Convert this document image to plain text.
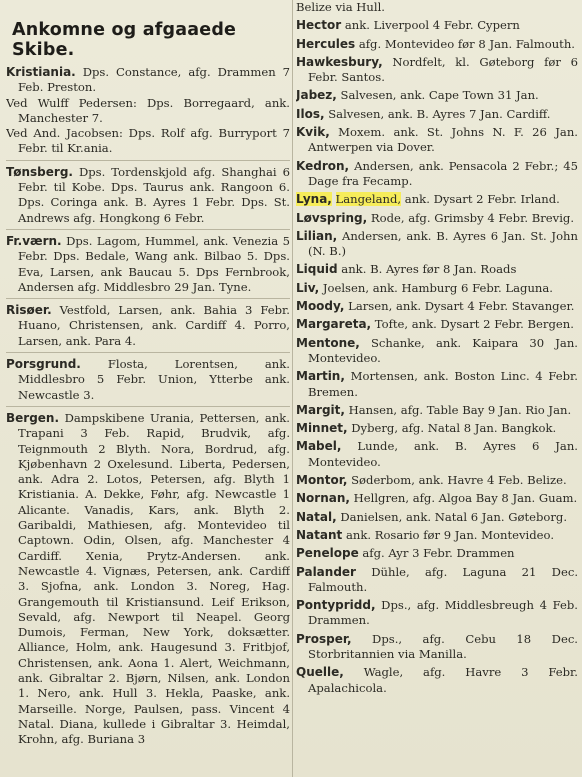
Ankomne og afgaaede Skibe.
Kristiania. Dps. Constance, afg. Drammen 7 Feb. Preston.
Ved Wulff Pedersen: Dps. Borregaard, ank. Manchester 7.
Ved And. Jacobsen: Dps. Rolf afg. Burryport 7 Febr. til Kr.ania.
Tønsberg. Dps. Tordenskjold afg. Shanghai 6 Febr. til Kobe. Dps. Taurus ank. Rangoon 6. Dps. Coringa ank. B. Ayres 1 Febr. Dps. St. Andrews afg. Hongkong 6 Febr.
Fr.værn. Dps. Lagom, Hummel, ank. Venezia 5 Febr. Dps. Bedale, Wang ank. Bilbao 5. Dps. Eva, Larsen, ank Baucau 5. Dps Fernbrook, Andersen afg. Middlesbro 29 Jan. Tyne.
Risøer. Vestfold, Larsen, ank. Bahia 3 Febr. Huano, Christensen, ank. Cardiff 4. Porro, Larsen, ank. Para 4.
Porsgrund. Flosta, Lorentsen, ank. Middlesbro 5 Febr. Union, Ytterbe ank. Newcastle 3.
Bergen. Dampskibene Urania, Pettersen, ank. Trapani 3 Feb. Rapid, Brudvik, afg. Teignmouth 2 Blyth. Nora, Bordrud, afg. Kjøbenhavn 2 Oxelesund. Liberta, Pedersen, ank. Adra 2. Lotos, Petersen, afg. Blyth 1 Kristiania. A. Dekke, Føhr, afg. Newcastle 1 Alicante. Vanadis, Kars, ank. Blyth 2. Garibaldi, Mathiesen, afg. Montevideo til Captown. Odin, Olsen, afg. Manchester 4 Cardiff. Xenia, Prytz-Andersen. ank. Newcastle 4. Vignæs, Petersen, ank. Cardiff 3. Sjofna, ank. London 3. Noreg, Hag. Grangemouth til Kristiansund. Leif Erikson, Sevald, afg. Newport til Neapel. Georg Dumois, Ferman, New York, doksætter. Alliance, Holm, ank. Haugesund 3. Fritbjof, Christensen, ank. Aona 1. Alert, Weichmann, ank. Gibraltar 2. Bjørn, Nilsen, ank. London 1. Nero, ank. Hull 3. Hekla, Paaske, ank. Marseille. Norge, Paulsen, pass. Vincent 4 Natal. Diana, kullede i Gibraltar 3. Heimdal, Krohn, afg. Buriana 3
Belize via Hull.
Hector ank. Liverpool 4 Febr. Cypern
Hercules afg. Montevideo før 8 Jan. Falmouth.
Hawkesbury, Nordfelt, kl. Gøteborg før 6 Febr. Santos.
Jabez, Salvesen, ank. Cape Town 31 Jan.
Ilos, Salvesen, ank. B. Ayres 7 Jan. Cardiff.
Kvik, Moxem. ank. St. Johns N. F. 26 Jan. Antwerpen via Dover.
Kedron, Andersen, ank. Pensacola 2 Febr.; 45 Dage fra Fecamp.
Lyna, Langeland, ank. Dysart 2 Febr. Irland.
Løvspring, Rode, afg. Grimsby 4 Febr. Brevig.
Lilian, Andersen, ank. B. Ayres 6 Jan. St. John (N. B.)
Liquid ank. B. Ayres før 8 Jan. Roads
Liv, Joelsen, ank. Hamburg 6 Febr. Laguna.
Moody, Larsen, ank. Dysart 4 Febr. Stavanger.
Margareta, Tofte, ank. Dysart 2 Febr. Bergen.
Mentone, Schanke, ank. Kaipara 30 Jan. Montevideo.
Martin, Mortensen, ank. Boston Linc. 4 Febr. Bremen.
Margit, Hansen, afg. Table Bay 9 Jan. Rio Jan.
Minnet, Dyberg, afg. Natal 8 Jan. Bangkok.
Mabel, Lunde, ank. B. Ayres 6 Jan. Montevideo.
Montor, Søderbom, ank. Havre 4 Feb. Belize.
Nornan, Hellgren, afg. Algoa Bay 8 Jan. Guam.
Natal, Danielsen, ank. Natal 6 Jan. Gøteborg.
Natant ank. Rosario før 9 Jan. Montevideo.
Penelope afg. Ayr 3 Febr. Drammen
Palander Dühle, afg. Laguna 21 Dec. Falmouth.
Pontypridd, Dps., afg. Middlesbreugh 4 Feb. Drammen.
Prosper, Dps., afg. Cebu 18 Dec. Storbritannien via Manilla.
Quelle, Wagle, afg. Havre 3 Febr. Apalachicola.
